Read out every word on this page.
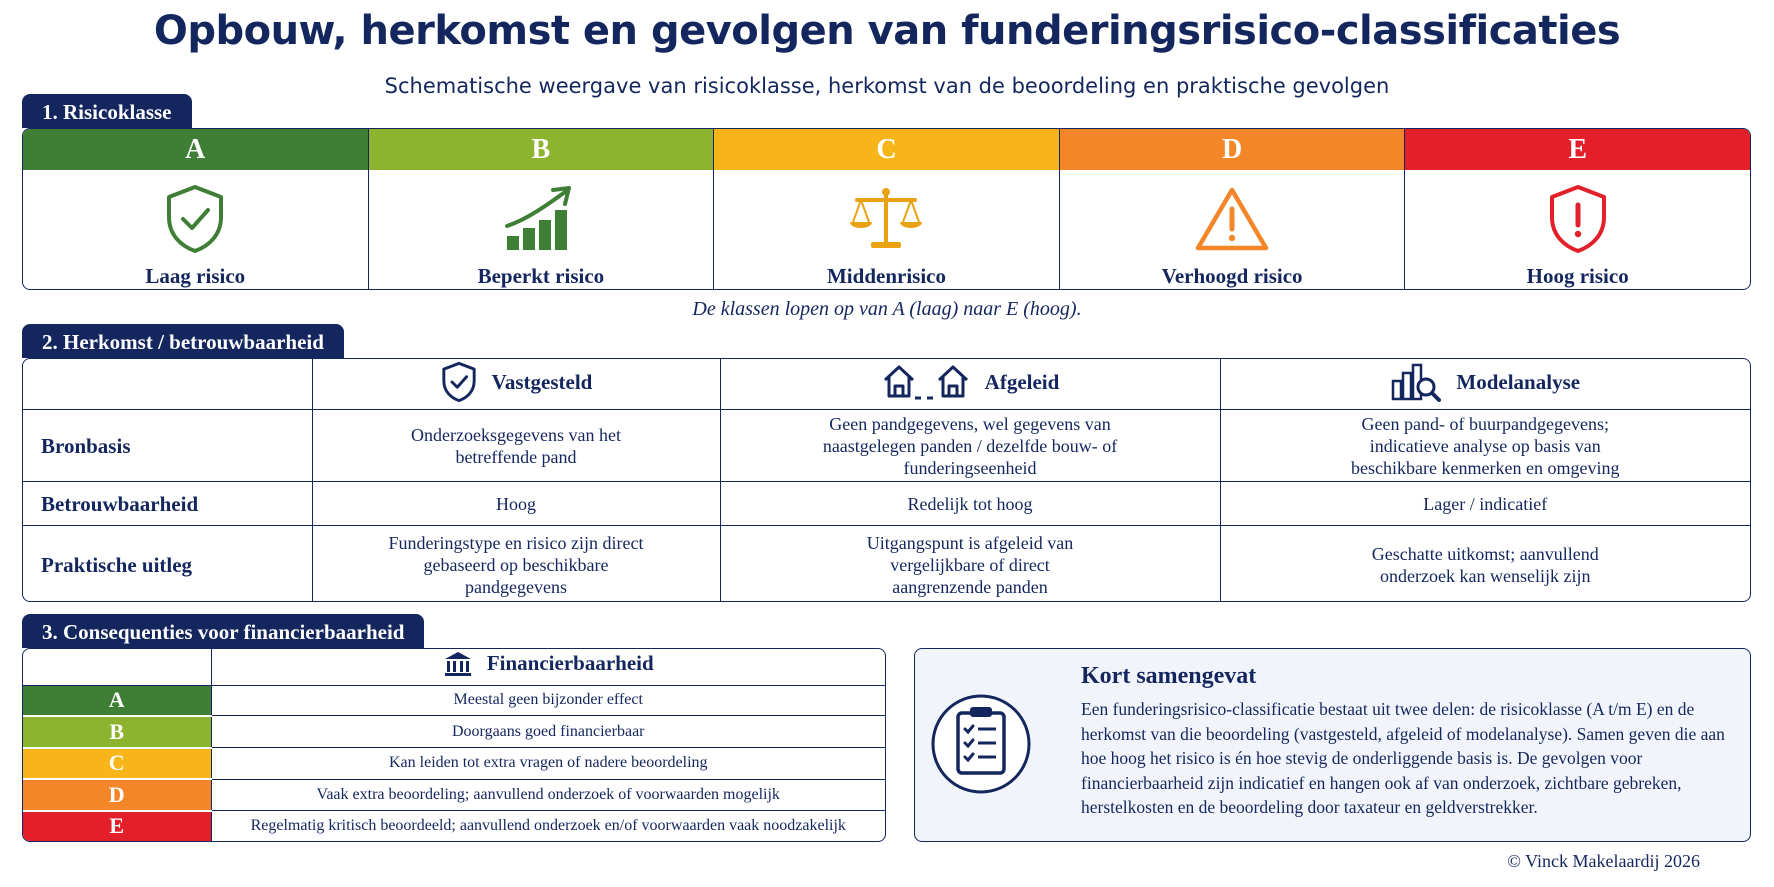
Opbouw, herkomst en gevolgen van funderingsrisico-classificaties
Schematische weergave van risicoklasse, herkomst van de beoordeling en praktische gevolgen
1. Risicoklasse
A
Laag risico
B
Beperkt risico
C
Middenrisico
D
Verhoogd risico
E
Hoog risico
De klassen lopen op van A (laag) naar E (hoog).
2. Herkomst / betrouwbaarheid

	Vastgesteld	Afgeleid	Modelanalyse

Bronbasis	Onderzoeksgegevens van het betreffende pand	Geen pandgegevens, wel gegevens van naastgelegen panden / dezelfde bouw- of funderingseenheid	Geen pand- of buurpandgegevens; indicatieve analyse op basis van beschikbare kenmerken en omgeving

Betrouwbaarheid	Hoog	Redelijk tot hoog	Lager / indicatief
Praktische uitleg	Funderingstype en risico zijn direct gebaseerd op beschikbare pandgegevens	Uitgangspunt is afgeleid van vergelijkbare of direct aangrenzende panden	Geschatte uitkomst; aanvullend onderzoek kan wenselijk zijn
3. Consequenties voor financierbaarheid

	Financierbaarheid

A	Meestal geen bijzonder effect
B	Doorgaans goed financierbaar
C	Kan leiden tot extra vragen of nadere beoordeling
D	Vaak extra beoordeling; aanvullend onderzoek of voorwaarden mogelijk
E	Regelmatig kritisch beoordeeld; aanvullend onderzoek en/of voorwaarden vaak noodzakelijk
Kort samengevat
Een funderingsrisico-classificatie bestaat uit twee delen: de risicoklasse (A t/m E) en de herkomst van die beoordeling (vastgesteld, afgeleid of modelanalyse). Samen geven die aan hoe hoog het risico is én hoe stevig de onderliggende basis is. De gevolgen voor financierbaarheid zijn indicatief en hangen ook af van onderzoek, zichtbare gebreken, herstelkosten en de beoordeling door taxateur en geldverstrekker.
© Vinck Makelaardij 2026
